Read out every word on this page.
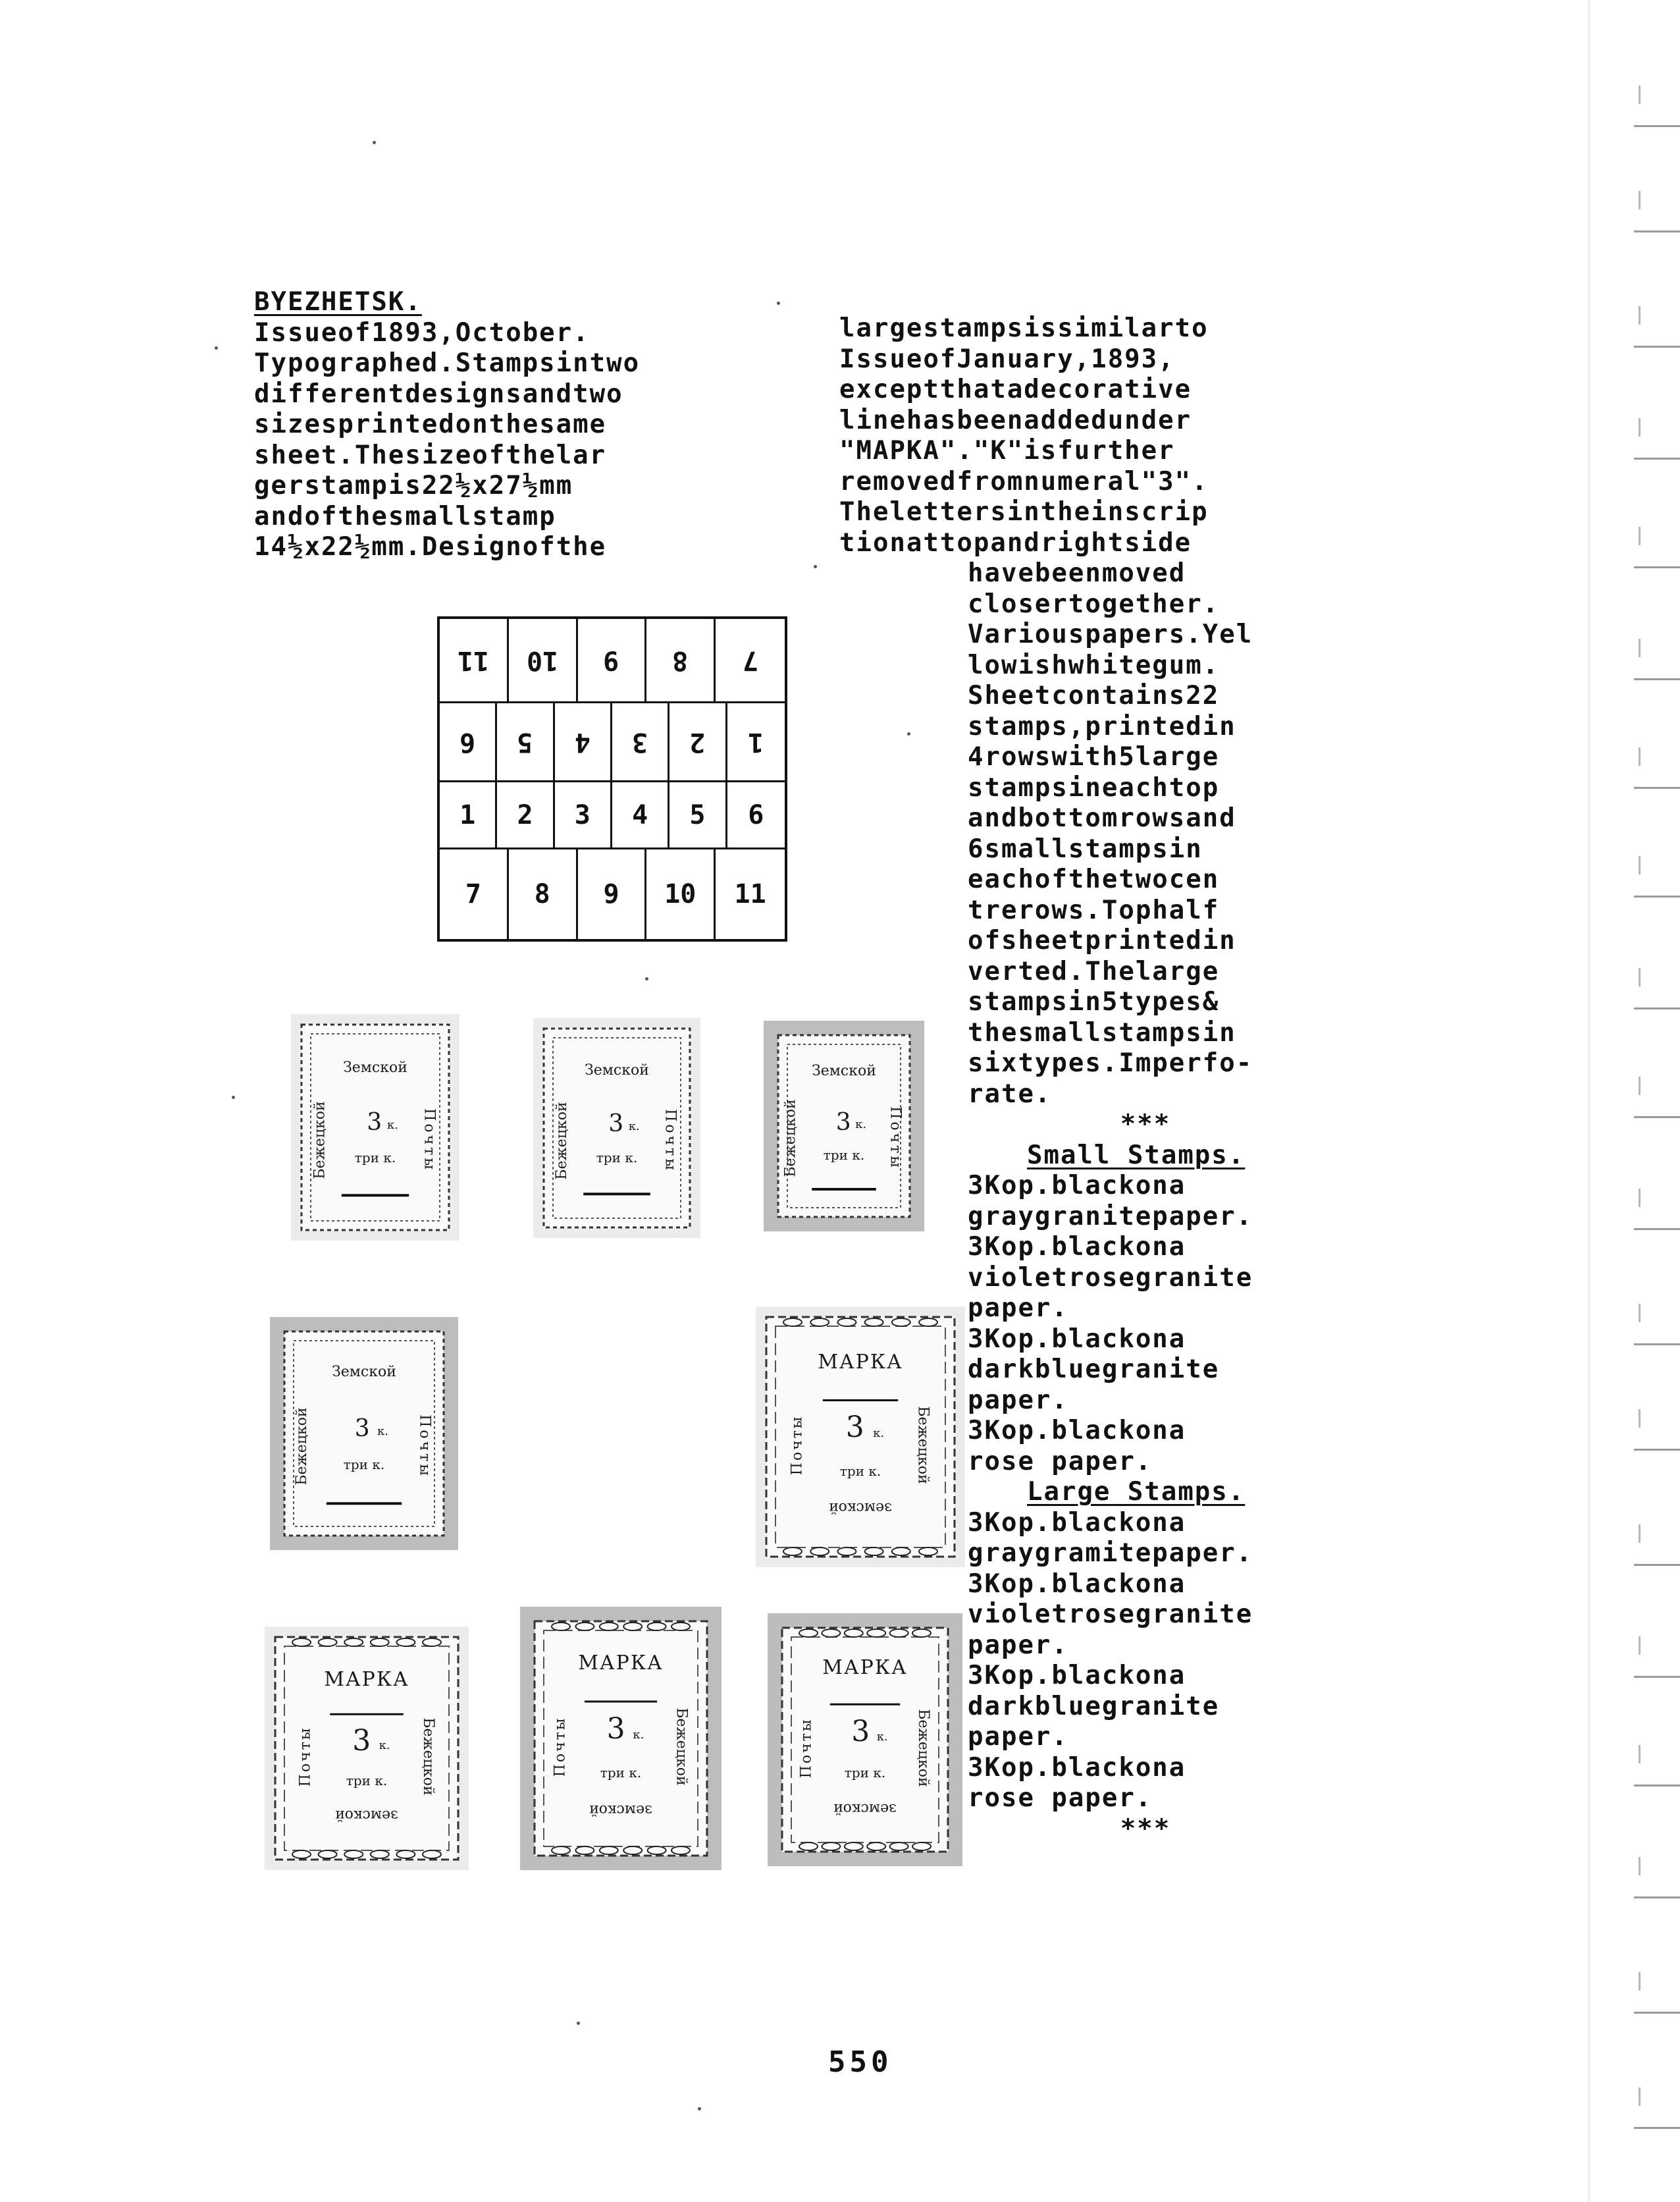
BYEZHETSK.
Issueof1893,October.
Typographed.Stampsintwo
differentdesignsandtwo
sizesprintedonthesame
sheet.Thesizeofthelar
gerstampis22½x27½mm
andofthesmallstamp
14½x22½mm.Designofthe
largestampsissimilarto
IssueofJanuary,1893,
exceptthatadecorative
linehasbeenaddedunder
"MAPKA"."K"isfurther
removedfromnumeral"3".
Thelettersintheinscrip
tionattopandrightside
havebeenmoved
closertogether.
Variouspapers.Yel
lowishwhitegum.
Sheetcontains22
stamps,printedin
4rowswith5large
stampsineachtop
andbottomrowsand
6smallstampsin
eachofthetwocen
trerows.Tophalf
ofsheetprintedin
verted.Thelarge
stampsin5types&
thesmallstampsin
sixtypes.Imperfo-
rate.
***
Small Stamps.
3Kop.blackona
graygranitepaper.
3Kop.blackona
violetrosegranite
paper.
3Kop.blackona
darkbluegranite
paper.
3Kop.blackona
rose paper.
Large Stamps.
3Kop.blackona
graygramitepaper.
3Kop.blackona
violetrosegranite
paper.
3Kop.blackona
darkbluegranite
paper.
3Kop.blackona
rose paper.
***
11 10 9 8 7
6 5 4 3 2 1
1 2 3 4 5 6
7 8 9 10 11
Земской
Бежецкой	Почты
3 к.
три к.
Земской
Бежецкой	Почты
3 к.
три к.
Земской
Бежецкой	Почты
3 к.
три к.
Земской
Бежецкой	Почты
3 к.
три к.
МАРКА
Почты	Бежецкой
3 к.
три к.
земской
МАРКА
Почты	Бежецкой
3 к.
три к.
земской
МАРКА
Почты	Бежецкой
3 к.
три к.
земской
МАРКА
Почты	Бежецкой
3 к.
три к.
земской
550
